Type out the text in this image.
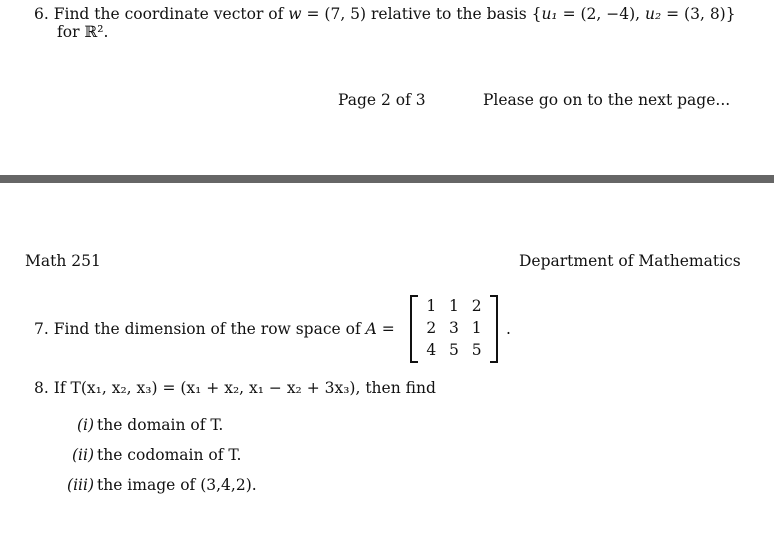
6. Find the coordinate vector of w = (7, 5) relative to the basis {u₁ = (2, −4), u₂ = (3, 8)}
for ℝ².
Page 2 of 3	Please go on to the next page...
Math 251	Department of Mathematics
7. Find the dimension of the row space of A =
1 1 2
2 3 1
4 5 5
.
8. If T(x₁, x₂, x₃) = (x₁ + x₂, x₁ − x₂ + 3x₃), then find
(i) the domain of T.
(ii) the codomain of T.
(iii) the image of (3,4,2).
